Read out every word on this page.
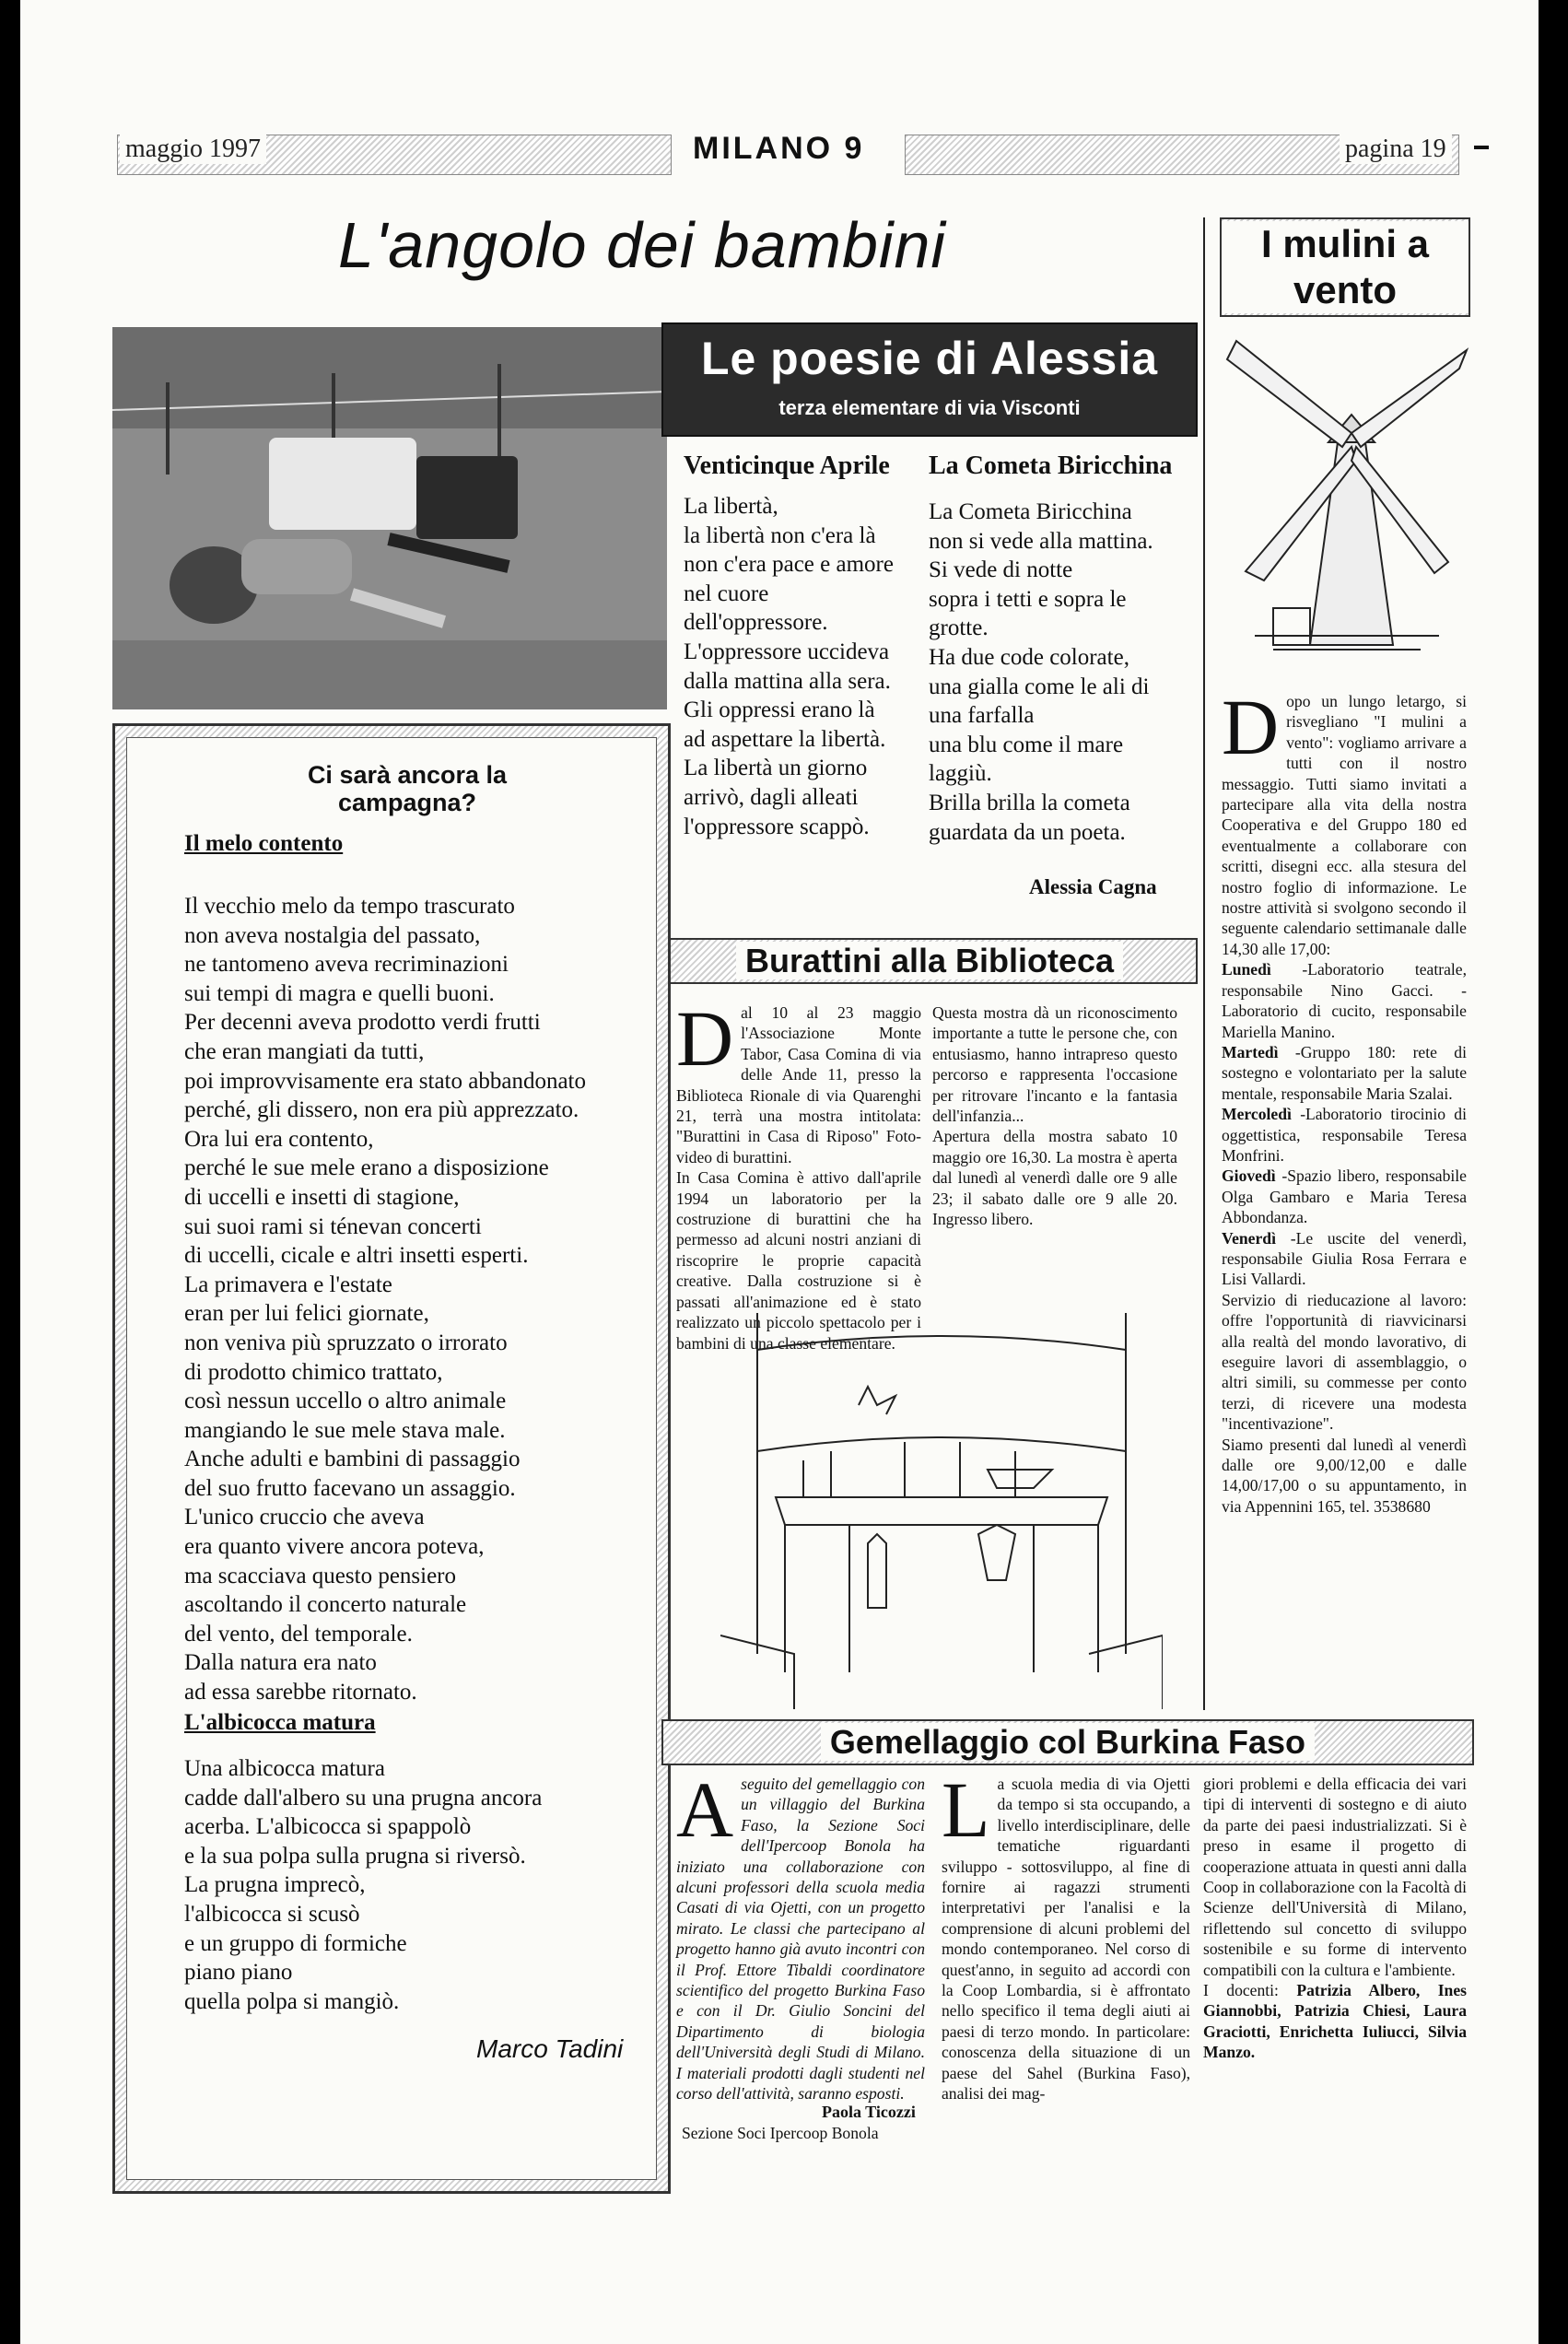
maggio 1997	MILANO 9	pagina 19
L'angolo dei bambini
Le poesie di Alessia
terza elementare di via Visconti
Venticinque Aprile
La libertà,
la libertà non c'era là
non c'era pace e amore
nel cuore
dell'oppressore.
L'oppressore uccideva
dalla mattina alla sera.
Gli oppressi erano là
ad aspettare la libertà.
La libertà un giorno
arrivò, dagli alleati
l'oppressore scappò.
La Cometa Biricchina
La Cometa Biricchina
non si vede alla mattina.
Si vede di notte
sopra i tetti e sopra le
grotte.
Ha due code colorate,
una gialla come le ali di
una farfalla
una blu come il mare
laggiù.
Brilla brilla la cometa
guardata da un poeta.
Alessia Cagna
Burattini alla Biblioteca
D al 10 al 23 maggio l'Associazione Monte Tabor, Casa Comina di via delle Ande 11, presso la Biblioteca Rionale di via Quarenghi 21, terrà una mostra intitolata: "Burattini in Casa di Riposo" Foto-video di burattini.

In Casa Comina è attivo dall'aprile 1994 un laboratorio per la costruzione di burattini che ha permesso ad alcuni nostri anziani di riscoprire le proprie capacità creative. Dalla costruzione si è passati all'animazione ed è stato realizzato un piccolo spettacolo per i bambini di una classe elementare.

Questa mostra dà un riconoscimento importante a tutte le persone che, con entusiasmo, hanno intrapreso questo percorso e rappresenta l'occasione per ritrovare l'incanto e la fantasia dell'infanzia...

Apertura della mostra sabato 10 maggio ore 16,30. La mostra è aperta dal lunedì al venerdì dalle ore 9 alle 23; il sabato dalle ore 9 alle 20. Ingresso libero.

Ci sarà ancora la campagna?
Il melo contento
Il vecchio melo da tempo trascurato
non aveva nostalgia del passato,
ne tantomeno aveva recriminazioni
sui tempi di magra e quelli buoni.
Per decenni aveva prodotto verdi frutti
che eran mangiati da tutti,
poi improvvisamente era stato abbandonato
perché, gli dissero, non era più apprezzato.
Ora lui era contento,
perché le sue mele erano a disposizione
di uccelli e insetti di stagione,
sui suoi rami si ténevan concerti
di uccelli, cicale e altri insetti esperti.
La primavera e l'estate
eran per lui felici giornate,
non veniva più spruzzato o irrorato
di prodotto chimico trattato,
così nessun uccello o altro animale
mangiando le sue mele stava male.
Anche adulti e bambini di passaggio
del suo frutto facevano un assaggio.
L'unico cruccio che aveva
era quanto vivere ancora poteva,
ma scacciava questo pensiero
ascoltando il concerto naturale
del vento, del temporale.
Dalla natura era nato
ad essa sarebbe ritornato.
L'albicocca matura
Una albicocca matura
cadde dall'albero su una prugna ancora
acerba. L'albicocca si spappolò
e la sua polpa sulla prugna si riversò.
La prugna imprecò,
l'albicocca si scusò
e un gruppo di formiche
piano piano
quella polpa si mangiò.
Marco Tadini
I mulini a vento
D opo un lungo letargo, si risvegliano "I mulini a vento": vogliamo arrivare a tutti con il nostro messaggio. Tutti siamo invitati a partecipare alla vita della nostra Cooperativa e del Gruppo 180 ed eventualmente a collaborare con scritti, disegni ecc. alla stesura del nostro foglio di informazione. Le nostre attività si svolgono secondo il seguente calendario settimanale dalle 14,30 alle 17,00:

Lunedì -Laboratorio teatrale, responsabile Nino Gacci. - Laboratorio di cucito, responsabile Mariella Manino.

Martedì -Gruppo 180: rete di sostegno e volontariato per la salute mentale, responsabile Maria Szalai.

Mercoledì -Laboratorio tirocinio di oggettistica, responsabile Teresa Monfrini.

Giovedì -Spazio libero, responsabile Olga Gambaro e Maria Teresa Abbondanza.

Venerdì -Le uscite del venerdì, responsabile Giulia Rosa Ferrara e Lisi Vallardi.

Servizio di rieducazione al lavoro: offre l'opportunità di riavvicinarsi alla realtà del mondo lavorativo, di eseguire lavori di assemblaggio, o altri simili, su commesse per conto terzi, di ricevere una modesta "incentivazione".

Siamo presenti dal lunedì al venerdì dalle ore 9,00/12,00 e dalle 14,00/17,00 o su appuntamento, in via Appennini 165, tel. 3538680

Gemellaggio col Burkina Faso
A seguito del gemellaggio con un villaggio del Burkina Faso, la Sezione Soci dell'Ipercoop Bonola ha iniziato una collaborazione con alcuni professori della scuola media Casati di via Ojetti, con un progetto mirato. Le classi che partecipano al progetto hanno già avuto incontri con il Prof. Ettore Tibaldi coordinatore scientifico del progetto Burkina Faso e con il Dr. Giulio Soncini del Dipartimento di biologia dell'Università degli Studi di Milano. I materiali prodotti dagli studenti nel corso dell'attività, saranno esposti.

Paola Ticozzi
Sezione Soci Ipercoop Bonola
L a scuola media di via Ojetti da tempo si sta occupando, a livello interdisciplinare, delle tematiche riguardanti sviluppo - sottosviluppo, al fine di fornire ai ragazzi strumenti interpretativi per l'analisi e la comprensione di alcuni problemi del mondo contemporaneo. Nel corso di quest'anno, in seguito ad accordi con la Coop Lombardia, si è affrontato nello specifico il tema degli aiuti ai paesi di terzo mondo. In particolare: conoscenza della situazione di un paese del Sahel (Burkina Faso), analisi dei mag-

giori problemi e della efficacia dei vari tipi di interventi di sostegno e di aiuto da parte dei paesi industrializzati. Si è preso in esame il progetto di cooperazione attuata in questi anni dalla Coop in collaborazione con la Facoltà di Scienze dell'Università di Milano, riflettendo sul concetto di sviluppo sostenibile e su forme di intervento compatibili con la cultura e l'ambiente.

I docenti: Patrizia Albero, Ines Giannobbi, Patrizia Chiesi, Laura Graciotti, Enrichetta Iuliucci, Silvia Manzo.
